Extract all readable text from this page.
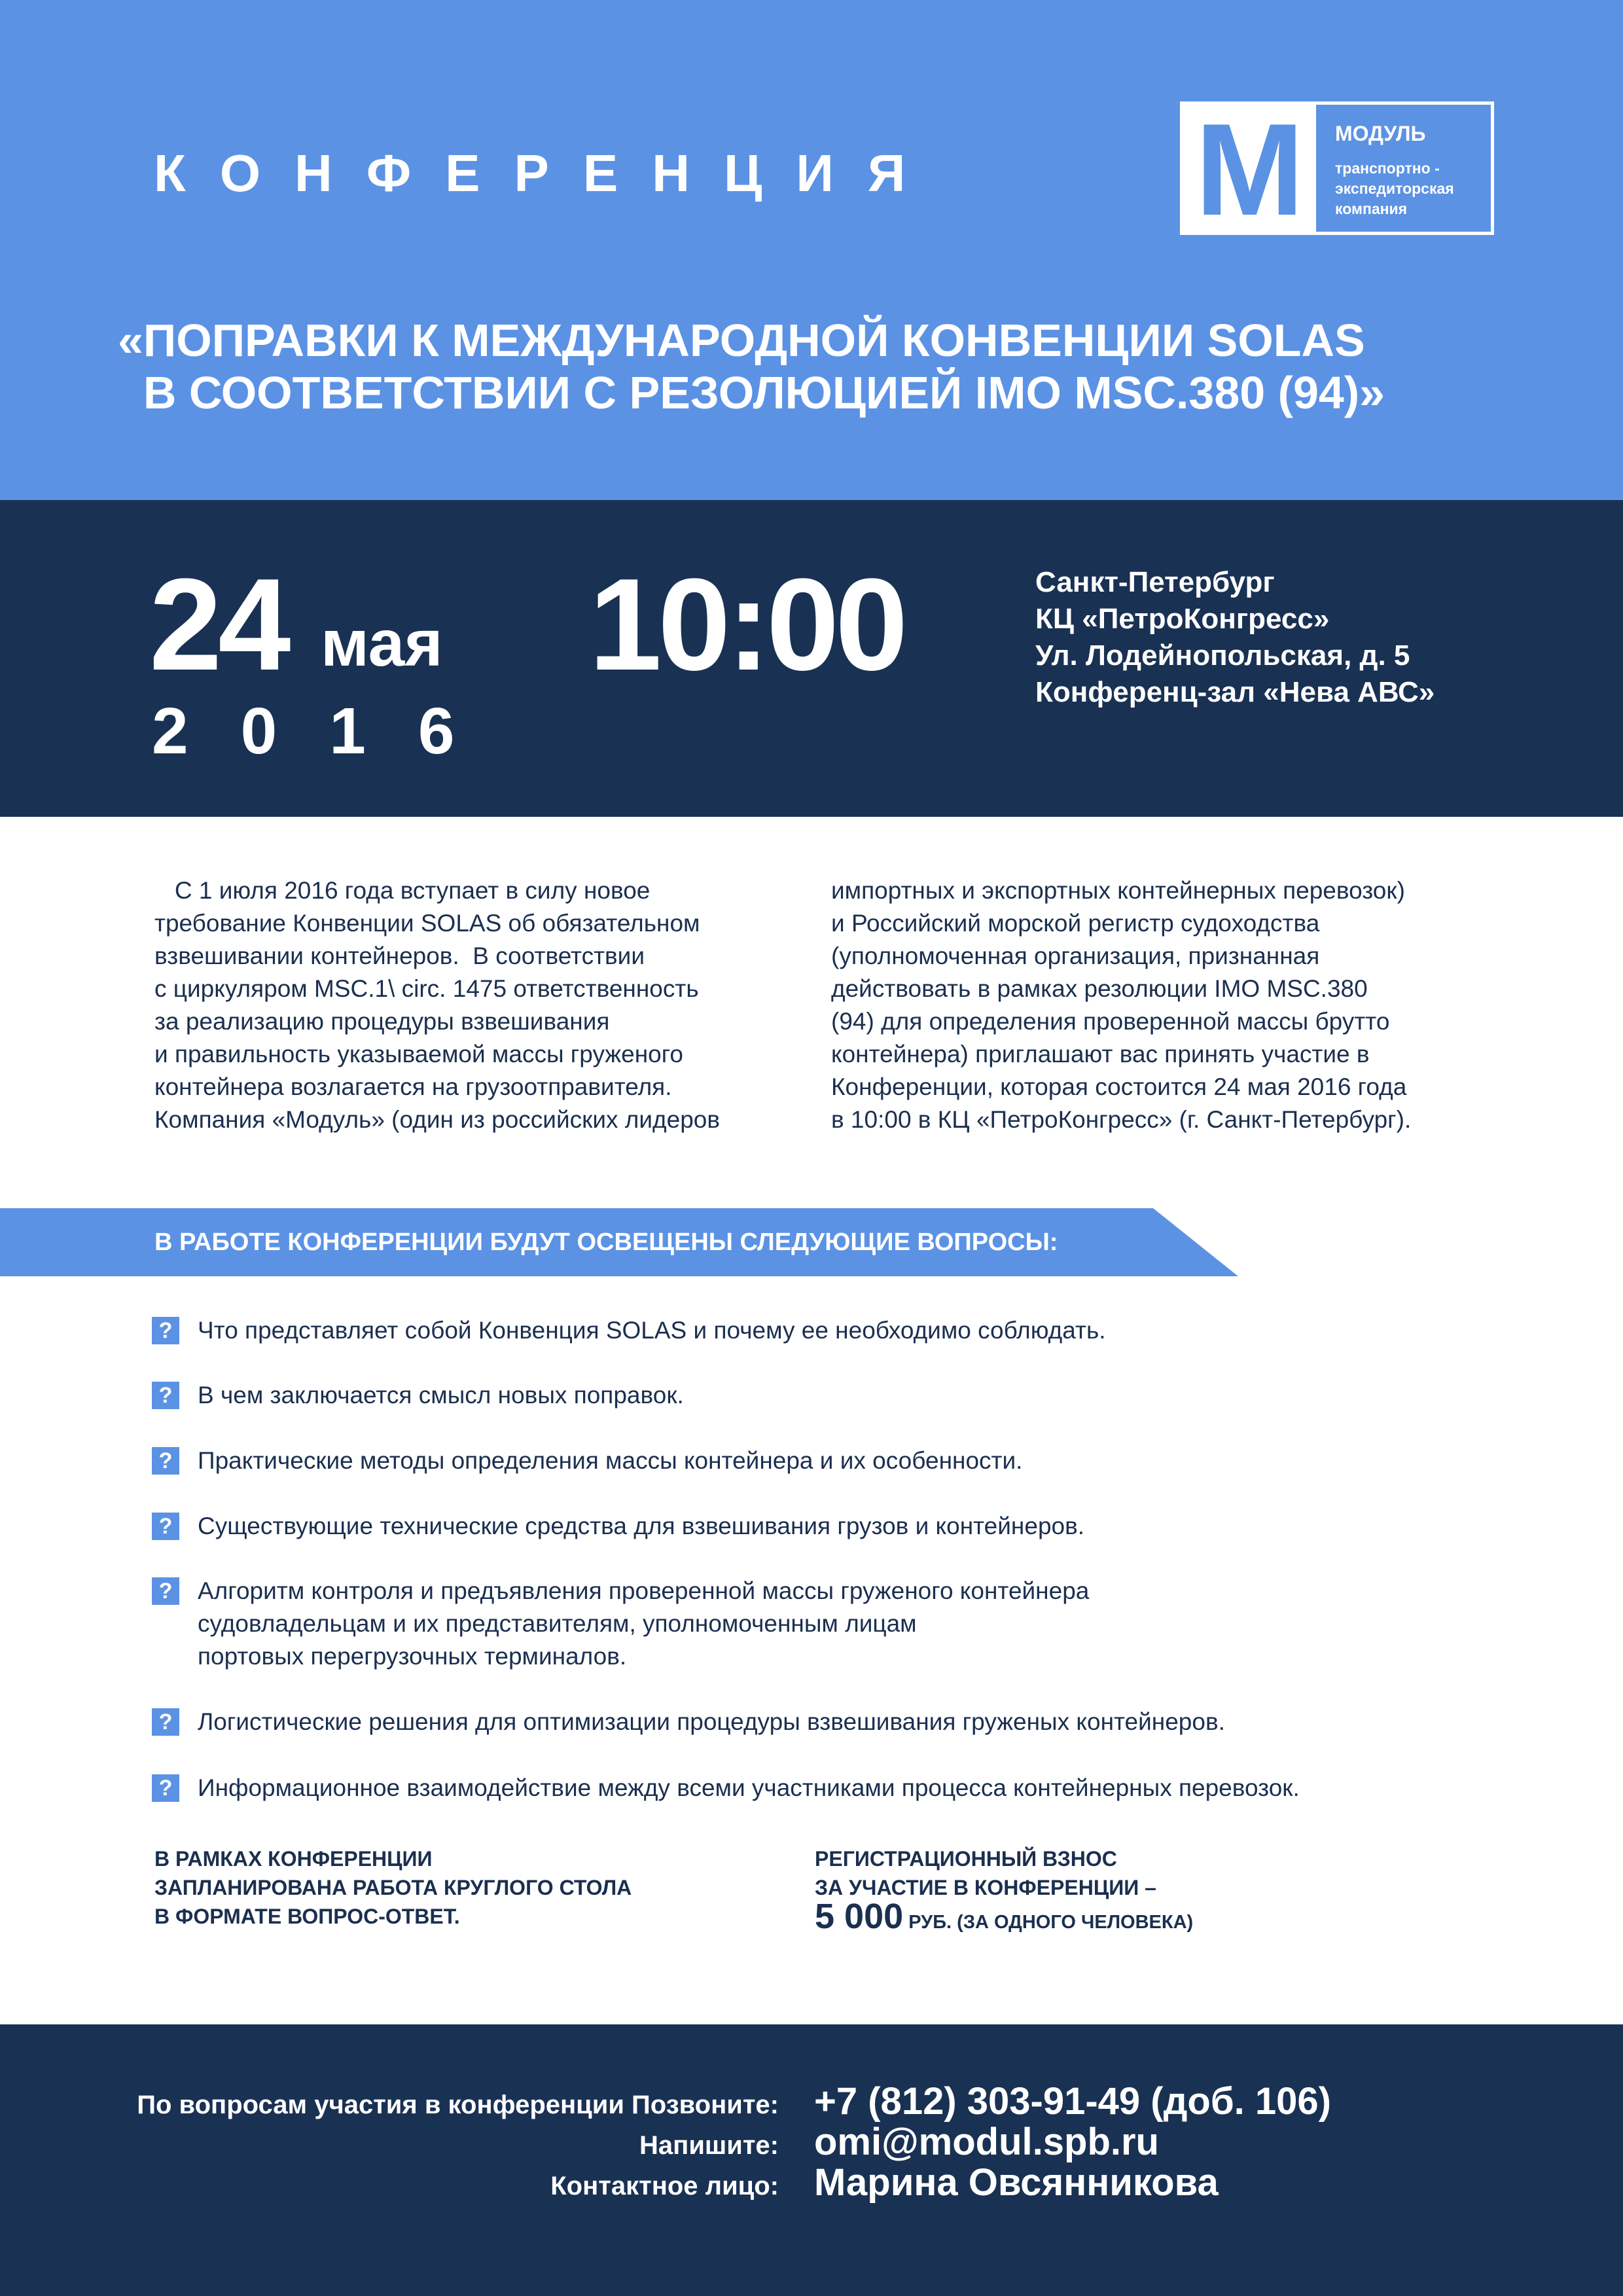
КОНФЕРЕНЦИЯ M МОДУЛЬ
транспортно - экспедиторская компания
«ПОПРАВКИ К МЕЖДУНАРОДНОЙ КОНВЕНЦИИ SOLAS
В СООТВЕТСТВИИ С РЕЗОЛЮЦИЕЙ IMO MSC.380 (94)»
24 мая
2016
10:00	Санкт-Петербург
КЦ «ПетроКонгресс»
Ул. Лодейнопольская, д. 5
Конференц-зал «Нева АВС»
С 1 июля 2016 года вступает в силу новое
требование Конвенции SOLAS об обязательном
взвешивании контейнеров.  В соответствии
с циркуляром MSC.1\ circ. 1475 ответственность
за реализацию процедуры взвешивания
и правильность указываемой массы груженого
контейнера возлагается на грузоотправителя.
Компания «Модуль» (один из российских лидеров
импортных и экспортных контейнерных перевозок)
и Российский морской регистр судоходства
(уполномоченная организация, признанная
действовать в рамках резолюции IMO MSC.380
(94) для определения проверенной массы брутто
контейнера) приглашают вас принять участие в
Конференции, которая состоится 24 мая 2016 года
в 10:00 в КЦ «ПетроКонгресс» (г. Санкт-Петербург).
В РАБОТЕ КОНФЕРЕНЦИИ БУДУТ ОСВЕЩЕНЫ СЛЕДУЮЩИЕ ВОПРОСЫ:
? Что представляет собой Конвенция SOLAS и почему ее необходимо соблюдать.
? В чем заключается смысл новых поправок.
? Практические методы определения массы контейнера и их особенности.
? Существующие технические средства для взвешивания грузов и контейнеров.
? Алгоритм контроля и предъявления проверенной массы груженого контейнера
судовладельцам и их представителям, уполномоченным лицам
портовых перегрузочных терминалов.
? Логистические решения для оптимизации процедуры взвешивания груженых контейнеров.
? Информационное взаимодействие между всеми участниками процесса контейнерных перевозок.
В РАМКАХ КОНФЕРЕНЦИИ
ЗАПЛАНИРОВАНА РАБОТА КРУГЛОГО СТОЛА
В ФОРМАТЕ ВОПРОС-ОТВЕТ.
РЕГИСТРАЦИОННЫЙ ВЗНОС
ЗА УЧАСТИЕ В КОНФЕРЕНЦИИ –
5 000 РУБ. (ЗА ОДНОГО ЧЕЛОВЕКА)
По вопросам участия в конференции Позвоните: +7 (812) 303-91-49 (доб. 106)
Напишите: omi@modul.spb.ru
Контактное лицо: Марина Овсянникова
